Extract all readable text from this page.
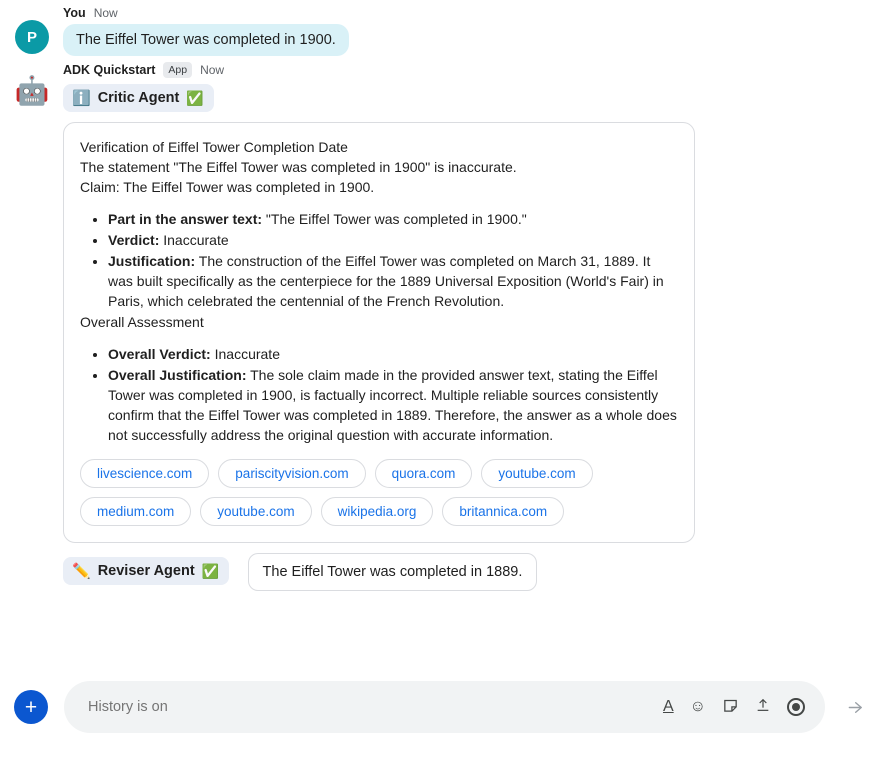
P
You Now
The Eiffel Tower was completed in 1900.
🤖
ADK Quickstart	App	Now
ℹ️ Critic Agent ✅

Verification of Eiffel Tower Completion Date

The statement "The Eiffel Tower was completed in 1900" is inaccurate.

Claim: The Eiffel Tower was completed in 1900.

• Part in the answer text: "The Eiffel Tower was completed in 1900."
• Verdict: Inaccurate
• Justification: The construction of the Eiffel Tower was completed on March 31, 1889. It was built specifically as the centerpiece for the 1889 Universal Exposition (World's Fair) in Paris, which celebrated the centennial of the French Revolution.

Overall Assessment

• Overall Verdict: Inaccurate
• Overall Justification: The sole claim made in the provided answer text, stating the Eiffel Tower was completed in 1900, is factually incorrect. Multiple reliable sources consistently confirm that the Eiffel Tower was completed in 1889. Therefore, the answer as a whole does not successfully address the original question with accurate information.
livescience.com	pariscityvision.com	quora.com	youtube.com
medium.com	youtube.com	wikipedia.org	britannica.com
✏️ Reviser Agent ✅	The Eiffel Tower was completed in 1889.
+
History is on	A ☺
